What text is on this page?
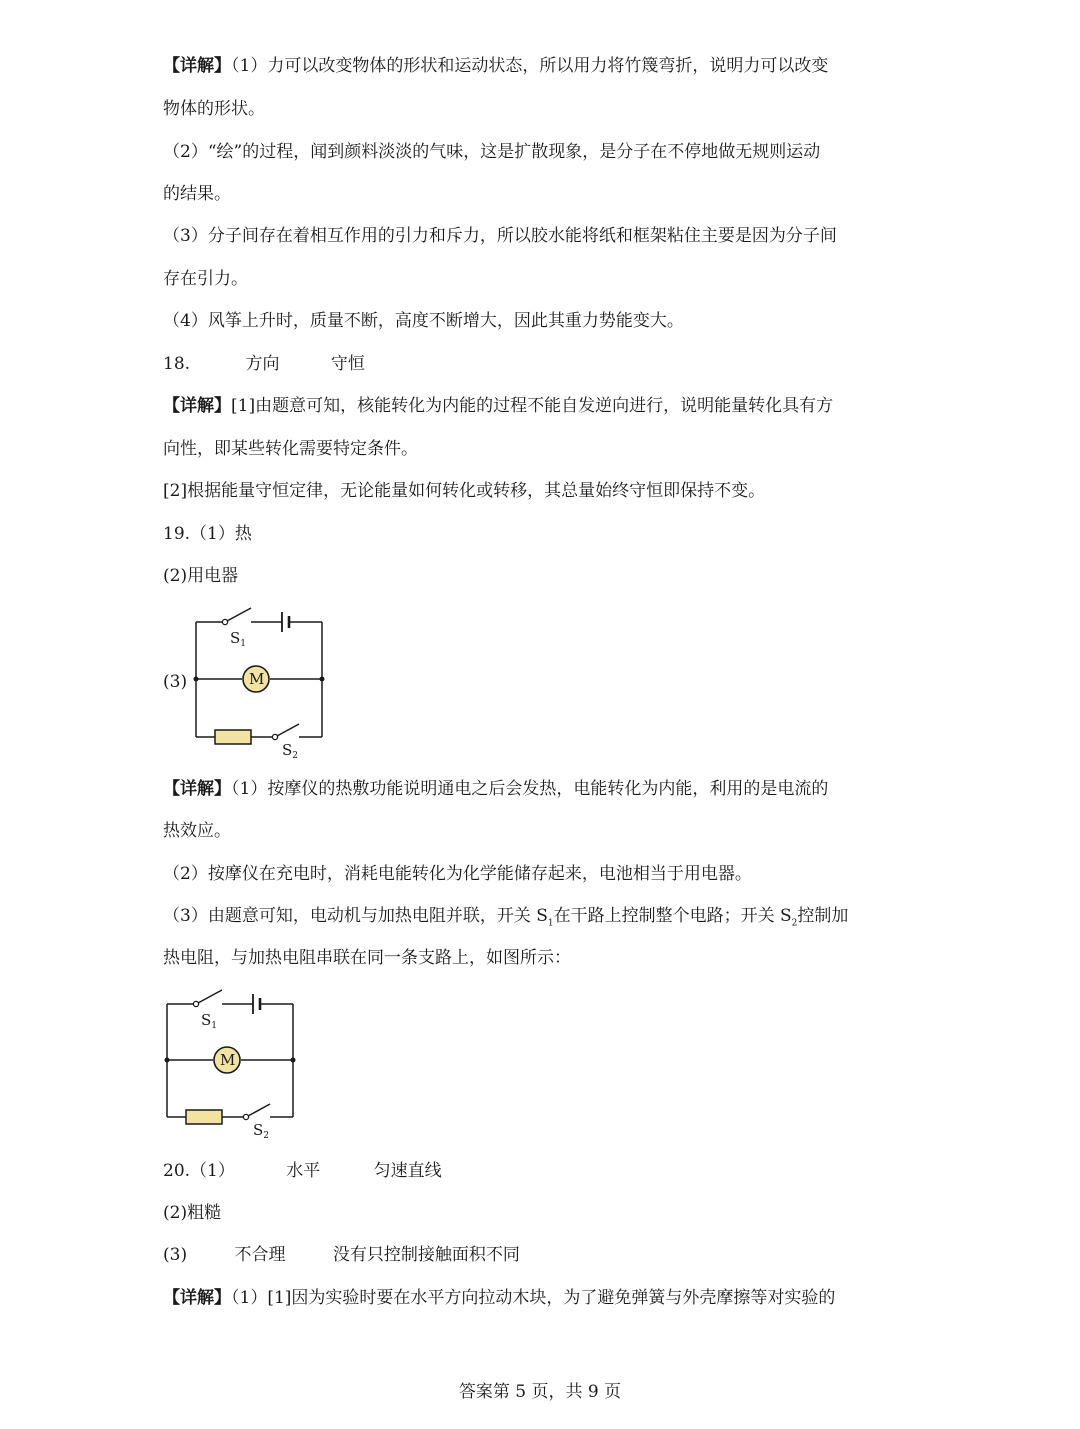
【详解】（1）力可以改变物体的形状和运动状态，所以用力将竹篾弯折，说明力可以改变
物体的形状。
（2）“绘”的过程，闻到颜料淡淡的气味，这是扩散现象，是分子在不停地做无规则运动
的结果。
（3）分子间存在着相互作用的引力和斥力，所以胶水能将纸和框架粘住主要是因为分子间
存在引力。
（4）风筝上升时，质量不断，高度不断增大，因此其重力势能变大。
18.	方向	守恒
【详解】[1]由题意可知，核能转化为内能的过程不能自发逆向进行，说明能量转化具有方
向性，即某些转化需要特定条件。
[2]根据能量守恒定律，无论能量如何转化或转移，其总量始终守恒即保持不变。
19.（1）热
(2)用电器
(3)	M
$S_1$
$S_2$
【详解】（1）按摩仪的热敷功能说明通电之后会发热，电能转化为内能，利用的是电流的
热效应。
（2）按摩仪在充电时，消耗电能转化为化学能储存起来，电池相当于用电器。
（3）由题意可知，电动机与加热电阻并联，开关 $S_1$在干路上控制整个电路；开关 $S_2$控制加
热电阻，与加热电阻串联在同一条支路上，如图所示：
M
$S_1$
$S_2$
20.（1）	水平	匀速直线
(2)粗糙
(3)	不合理	没有只控制接触面积不同
【详解】（1）[1]因为实验时要在水平方向拉动木块，为了避免弹簧与外壳摩擦等对实验的
答案第 5 页，共 9 页
